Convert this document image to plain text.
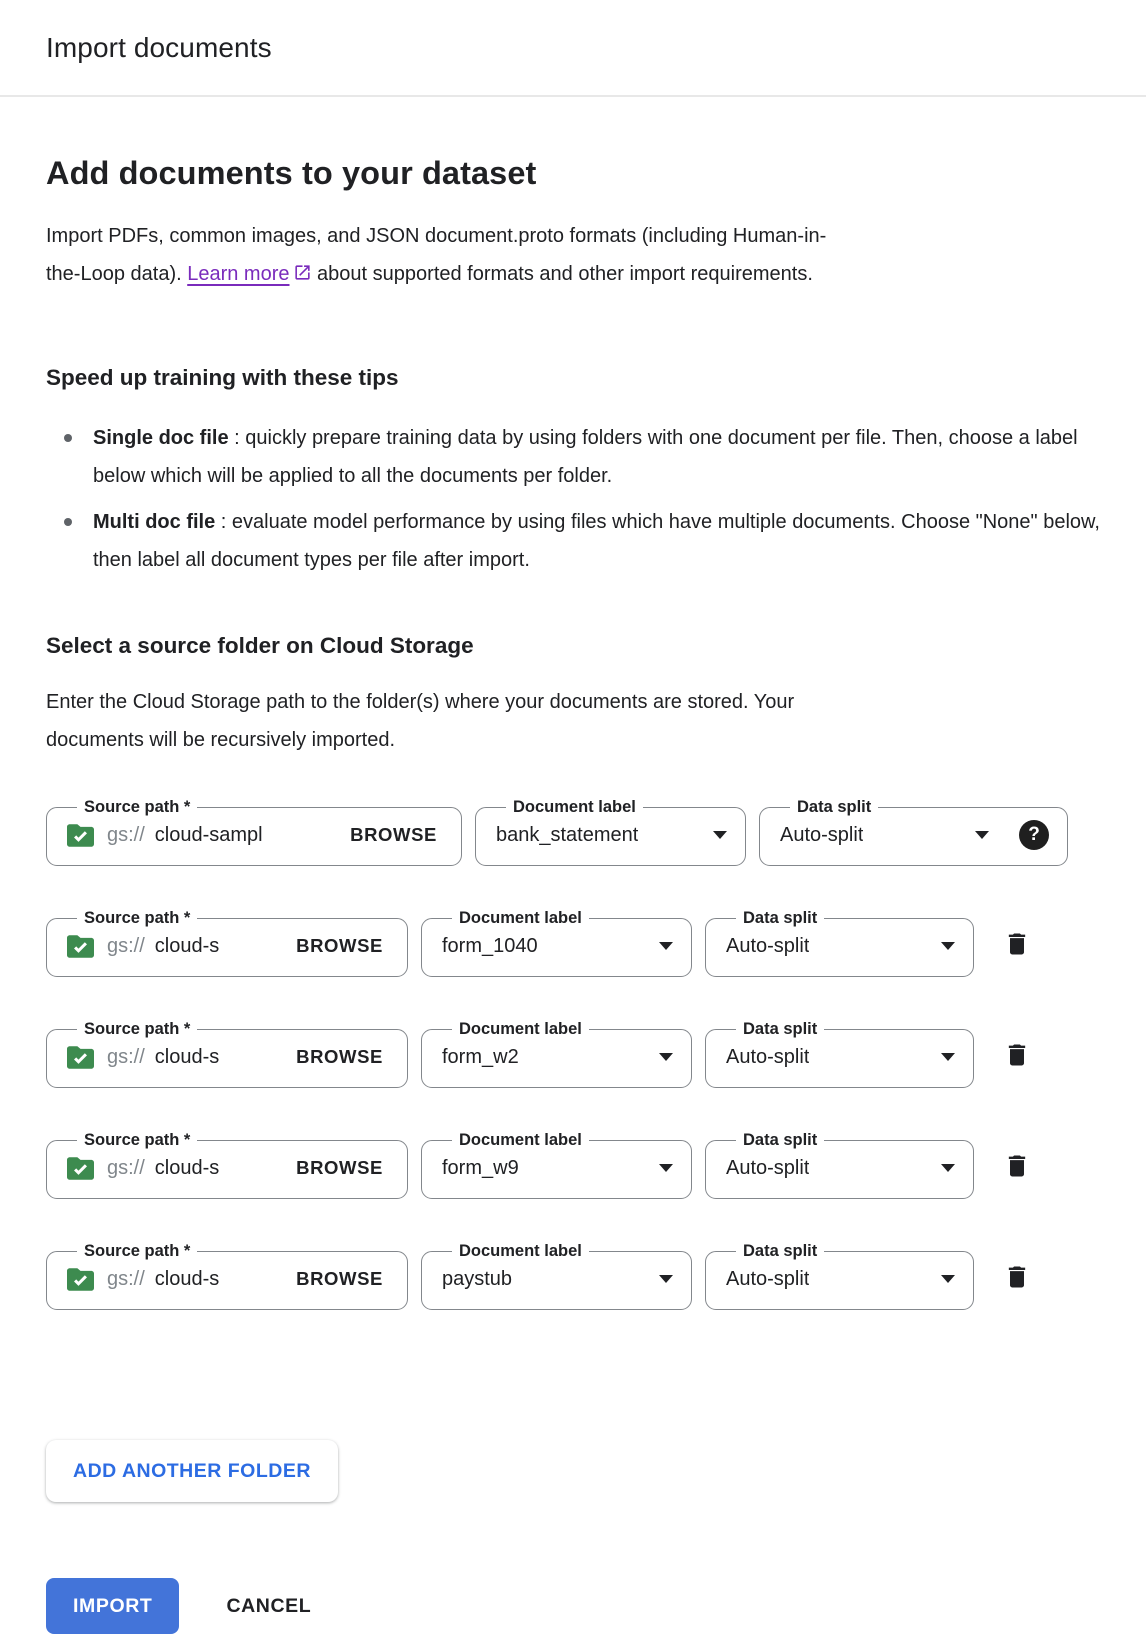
Import documents
Add documents to your dataset

Import PDFs, common images, and JSON document.proto formats (including Human-in-
the-Loop data). Learn more about supported formats and other import requirements.

Speed up training with these tips
Single doc file : quickly prepare training data by using folders with one document per file. Then, choose a label below which will be applied to all the documents per folder.
Multi doc file : evaluate model performance by using files which have multiple documents. Choose "None" below, then label all document types per file after import.
Select a source folder on Cloud Storage

Enter the Cloud Storage path to the folder(s) where your documents are stored. Your
documents will be recursively imported.

Source path *
gs:// cloud-sampl	BROWSE
Document label
bank_statement
Data split
Auto-split	?
Source path *
gs:// cloud-s	BROWSE
Document label
form_1040
Data split
Auto-split
Source path *
gs:// cloud-s	BROWSE
Document label
form_w2
Data split
Auto-split
Source path *
gs:// cloud-s	BROWSE
Document label
form_w9
Data split
Auto-split
Source path *
gs:// cloud-s	BROWSE
Document label
paystub
Data split
Auto-split
ADD ANOTHER FOLDER
IMPORT	CANCEL
